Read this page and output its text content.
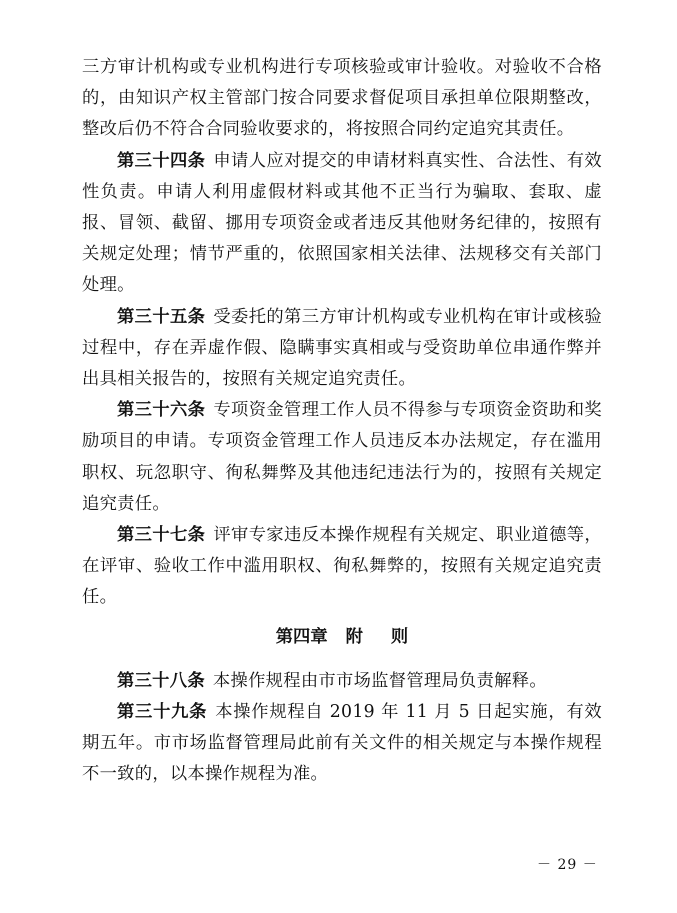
三方审计机构或专业机构进行专项核验或审计验收。对验收不合格的，由知识产权主管部门按合同要求督促项目承担单位限期整改，整改后仍不符合合同验收要求的，将按照合同约定追究其责任。

第三十四条 申请人应对提交的申请材料真实性、合法性、有效性负责。申请人利用虚假材料或其他不正当行为骗取、套取、虚报、冒领、截留、挪用专项资金或者违反其他财务纪律的，按照有关规定处理；情节严重的，依照国家相关法律、法规移交有关部门处理。

第三十五条 受委托的第三方审计机构或专业机构在审计或核验过程中，存在弄虚作假、隐瞒事实真相或与受资助单位串通作弊并出具相关报告的，按照有关规定追究责任。

第三十六条 专项资金管理工作人员不得参与专项资金资助和奖励项目的申请。专项资金管理工作人员违反本办法规定，存在滥用职权、玩忽职守、徇私舞弊及其他违纪违法行为的，按照有关规定追究责任。

第三十七条 评审专家违反本操作规程有关规定、职业道德等，在评审、验收工作中滥用职权、徇私舞弊的，按照有关规定追究责任。

第四章 附 则

第三十八条 本操作规程由市市场监督管理局负责解释。

第三十九条 本操作规程自 2019 年 11 月 5 日起实施，有效期五年。市市场监督管理局此前有关文件的相关规定与本操作规程不一致的，以本操作规程为准。

－ 29 －
